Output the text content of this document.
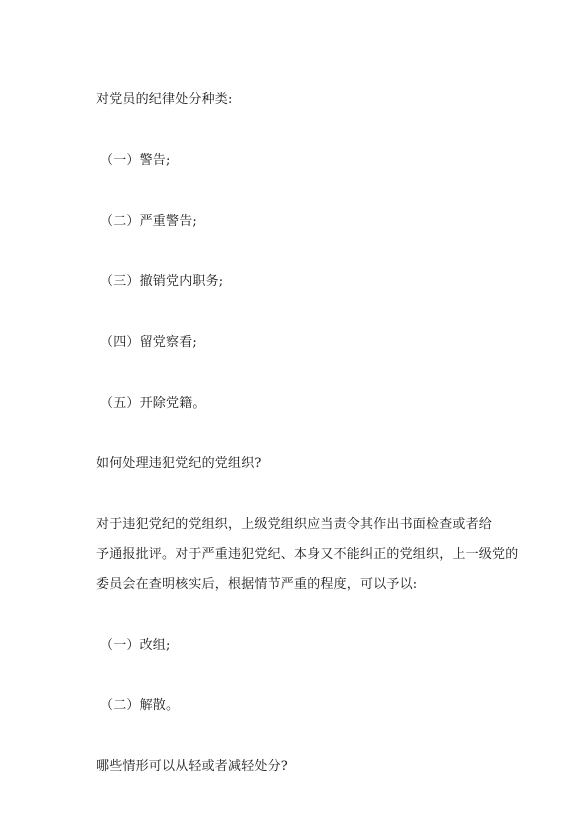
对党员的纪律处分种类:
（一）警告;
（二）严重警告;
（三）撤销党内职务;
（四）留党察看;
（五）开除党籍。
如何处理违犯党纪的党组织?
对于违犯党纪的党组织，上级党组织应当责令其作出书面检查或者给
予通报批评。对于严重违犯党纪、本身又不能纠正的党组织，上一级党的
委员会在查明核实后，根据情节严重的程度，可以予以:
（一）改组;
（二）解散。
哪些情形可以从轻或者减轻处分?
